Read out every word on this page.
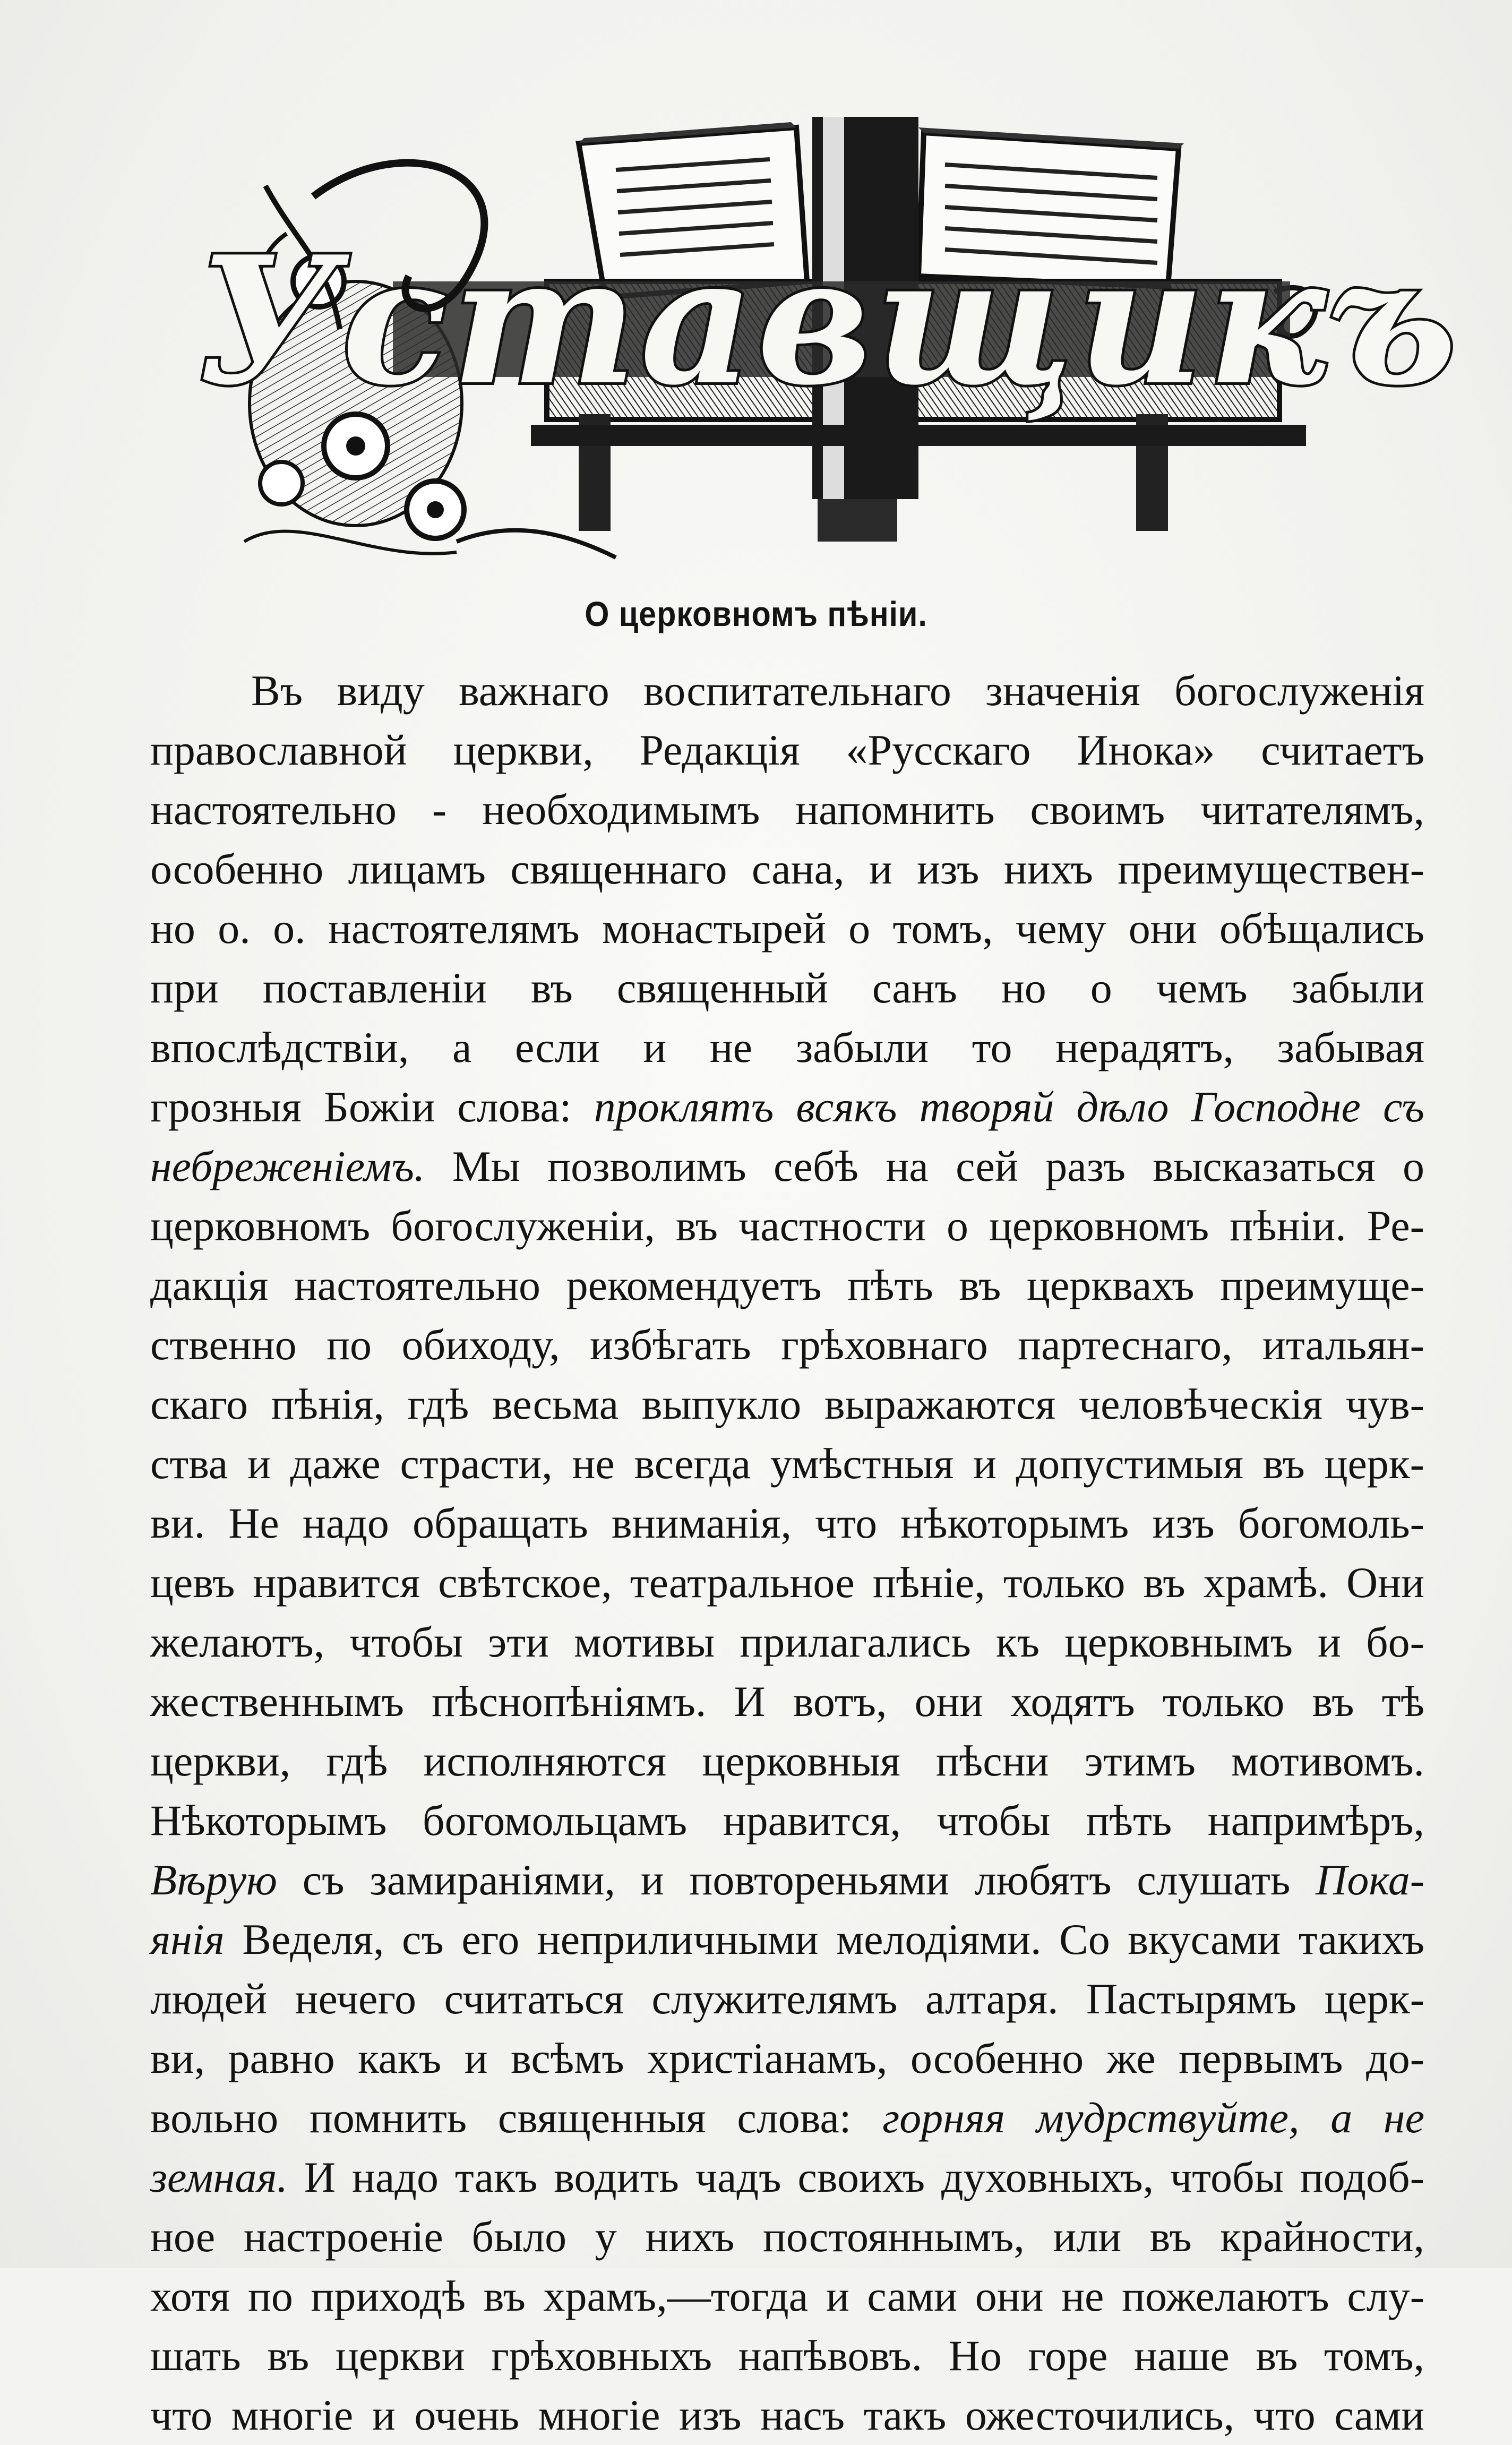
Уставщикъ
О церковномъ пѣніи.
Въ виду важнаго воспитательнаго значенія богослуженія
православной церкви, Редакція «Русскаго Инока» считаетъ
настоятельно - необходимымъ напомнить своимъ читателямъ,
особенно лицамъ священнаго сана, и изъ нихъ преимуществен-
но о. о. настоятелямъ монастырей о томъ, чему они обѣщались
при поставленіи въ священный санъ но о чемъ забыли
впослѣдствіи, а если и не забыли то нерадятъ, забывая
грозныя Божіи слова: проклятъ всякъ творяй дѣло Господне съ
небреженіемъ. Мы позволимъ себѣ на сей разъ высказаться о
церковномъ богослуженіи, въ частности о церковномъ пѣніи. Ре-
дакція настоятельно рекомендуетъ пѣть въ церквахъ преимуще-
ственно по обиходу, избѣгать грѣховнаго партеснаго, итальян-
скаго пѣнія, гдѣ весьма выпукло выражаются человѣческія чув-
ства и даже страсти, не всегда умѣстныя и допустимыя въ церк-
ви. Не надо обращать вниманія, что нѣкоторымъ изъ богомоль-
цевъ нравится свѣтское, театральное пѣніе, только въ храмѣ. Они
желаютъ, чтобы эти мотивы прилагались къ церковнымъ и бо-
жественнымъ пѣснопѣніямъ. И вотъ, они ходятъ только въ тѣ
церкви, гдѣ исполняются церковныя пѣсни этимъ мотивомъ.
Нѣкоторымъ богомольцамъ нравится, чтобы пѣть напримѣръ,
Вѣрую съ замираніями, и повтореньями любятъ слушать Пока-
янія Веделя, съ его неприличными мелодіями. Со вкусами такихъ
людей нечего считаться служителямъ алтаря. Пастырямъ церк-
ви, равно какъ и всѣмъ христіанамъ, особенно же первымъ до-
вольно помнить священныя слова: горняя мудрствуйте, а не
земная. И надо такъ водить чадъ своихъ духовныхъ, чтобы подоб-
ное настроеніе было у нихъ постояннымъ, или въ крайности,
хотя по приходѣ въ храмъ,—тогда и сами они не пожелаютъ слу-
шать въ церкви грѣховныхъ напѣвовъ. Но горе наше въ томъ,
что многіе и очень многіе изъ насъ такъ ожесточились, что сами
